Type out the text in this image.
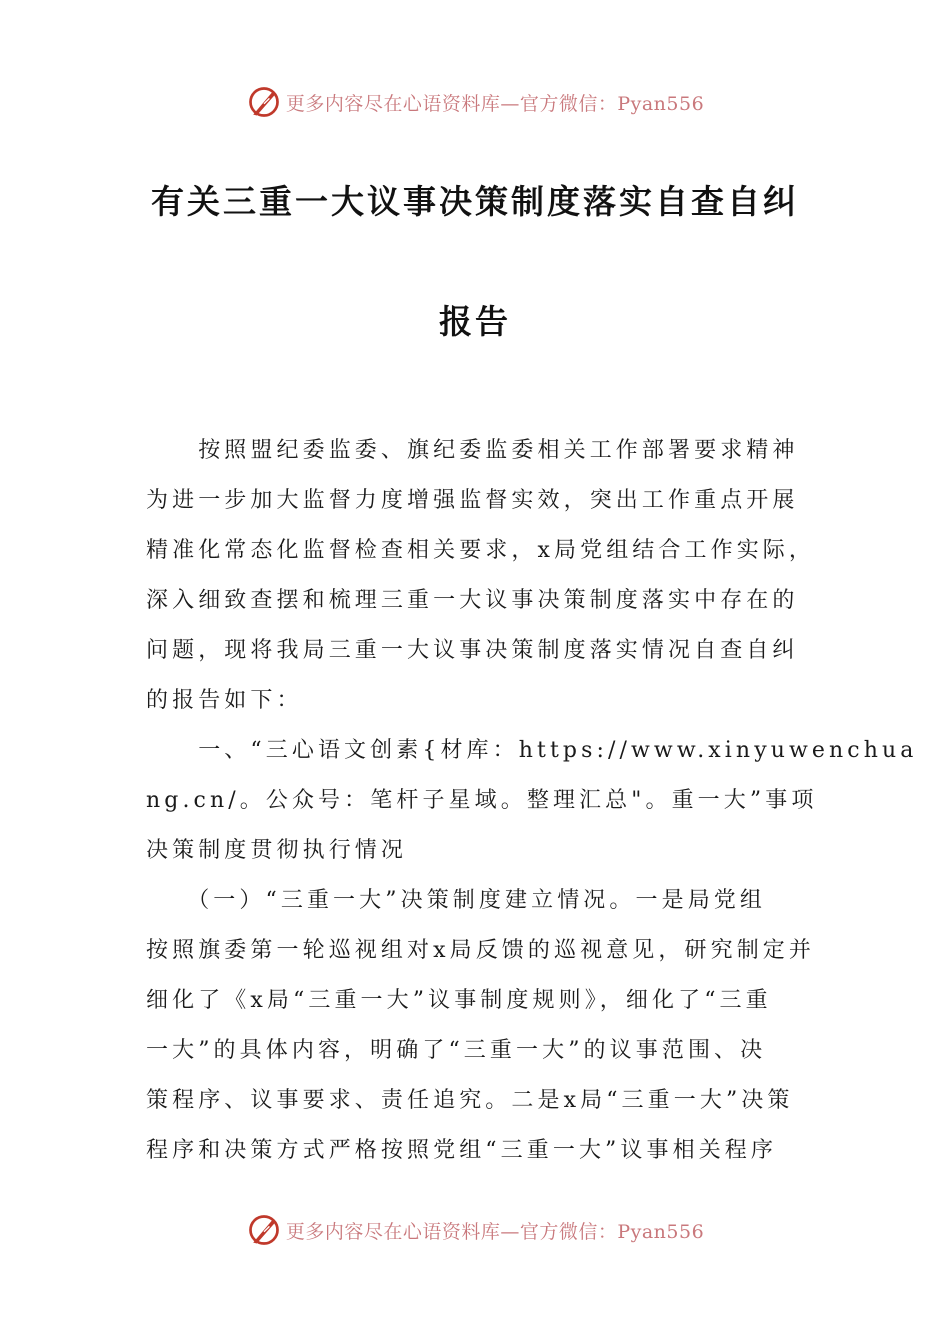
更多内容尽在心语资料库—官方微信：Pyan556
有关三重一大议事决策制度落实自查自纠
报告
　　按照盟纪委监委、旗纪委监委相关工作部署要求精神
为进一步加大监督力度增强监督实效，突出工作重点开展
精准化常态化监督检查相关要求，x局党组结合工作实际，
深入细致查摆和梳理三重一大议事决策制度落实中存在的
问题，现将我局三重一大议事决策制度落实情况自查自纠
的报告如下：
　　一、“三心语文创素{材库：https://www.xinyuwenchua
ng.cn/。公众号：笔杆子星域。整理汇总"。重一大”事项
决策制度贯彻执行情况
　　（一）“三重一大”决策制度建立情况。一是局党组
按照旗委第一轮巡视组对x局反馈的巡视意见，研究制定并
细化了《x局“三重一大”议事制度规则》，细化了“三重
一大”的具体内容，明确了“三重一大”的议事范围、决
策程序、议事要求、责任追究。二是x局“三重一大”决策
程序和决策方式严格按照党组“三重一大”议事相关程序
更多内容尽在心语资料库—官方微信：Pyan556
